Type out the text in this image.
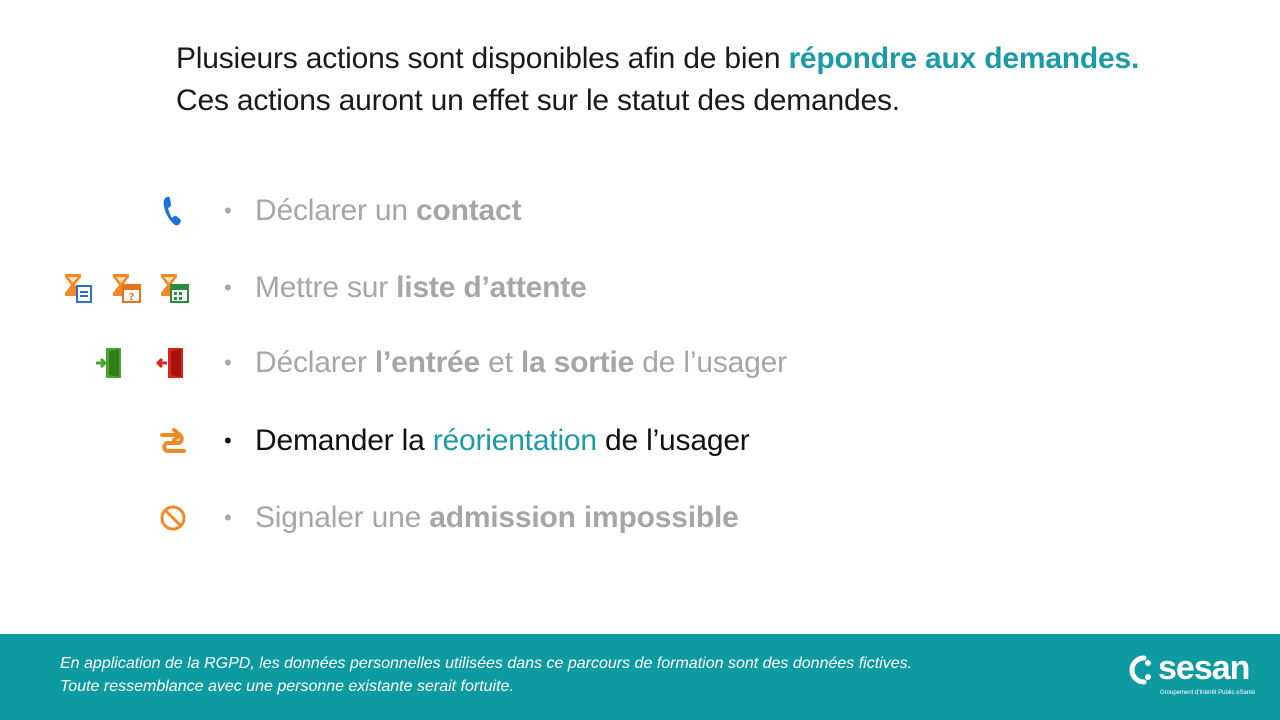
Plusieurs actions sont disponibles afin de bien répondre aux demandes.
Ces actions auront un effet sur le statut des demandes.
• Déclarer un contact
?	• Mettre sur liste d’attente
• Déclarer l’entrée et la sortie de l’usager
• Demander la réorientation de l’usager
• Signaler une admission impossible
En application de la RGPD, les données personnelles utilisées dans ce parcours de formation sont des données fictives.
Toute ressemblance avec une personne existante serait fortuite.	sesan
Groupement d'Intérêt Public eSanté
